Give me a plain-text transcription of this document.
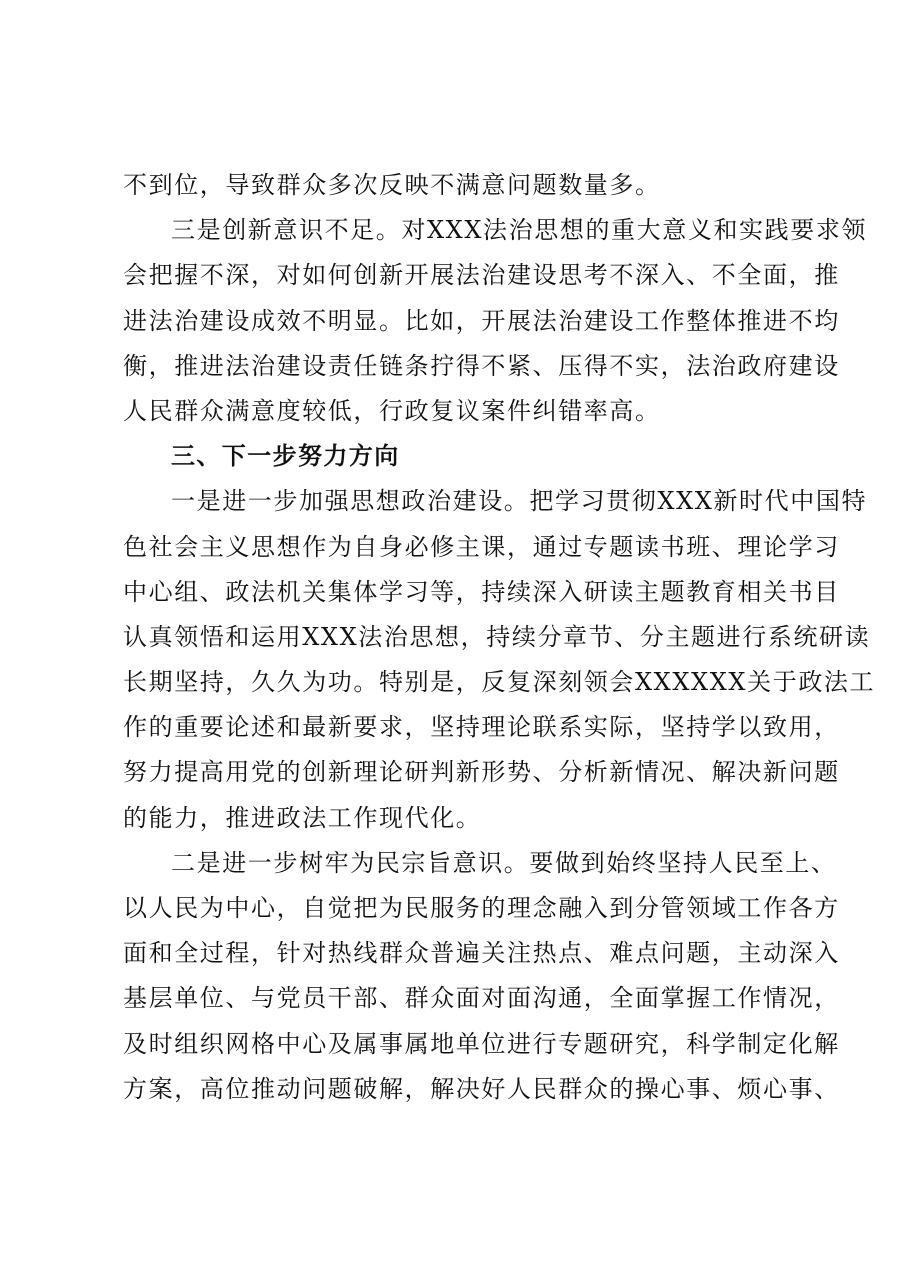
不到位，导致群众多次反映不满意问题数量多。

三是创新意识不足。对XXX法治思想的重大意义和实践要求领
会把握不深，对如何创新开展法治建设思考不深入、不全面，推
进法治建设成效不明显。比如，开展法治建设工作整体推进不均
衡，推进法治建设责任链条拧得不紧、压得不实，法治政府建设
人民群众满意度较低，行政复议案件纠错率高。

三、下一步努力方向

一是进一步加强思想政治建设。把学习贯彻XXX新时代中国特
色社会主义思想作为自身必修主课，通过专题读书班、理论学习
中心组、政法机关集体学习等，持续深入研读主题教育相关书目
认真领悟和运用XXX法治思想，持续分章节、分主题进行系统研读
长期坚持，久久为功。特别是，反复深刻领会XXXXXX关于政法工
作的重要论述和最新要求，坚持理论联系实际，坚持学以致用，
努力提高用党的创新理论研判新形势、分析新情况、解决新问题
的能力，推进政法工作现代化。

二是进一步树牢为民宗旨意识。要做到始终坚持人民至上、
以人民为中心，自觉把为民服务的理念融入到分管领域工作各方
面和全过程，针对热线群众普遍关注热点、难点问题，主动深入
基层单位、与党员干部、群众面对面沟通，全面掌握工作情况，
及时组织网格中心及属事属地单位进行专题研究，科学制定化解
方案，高位推动问题破解，解决好人民群众的操心事、烦心事、
